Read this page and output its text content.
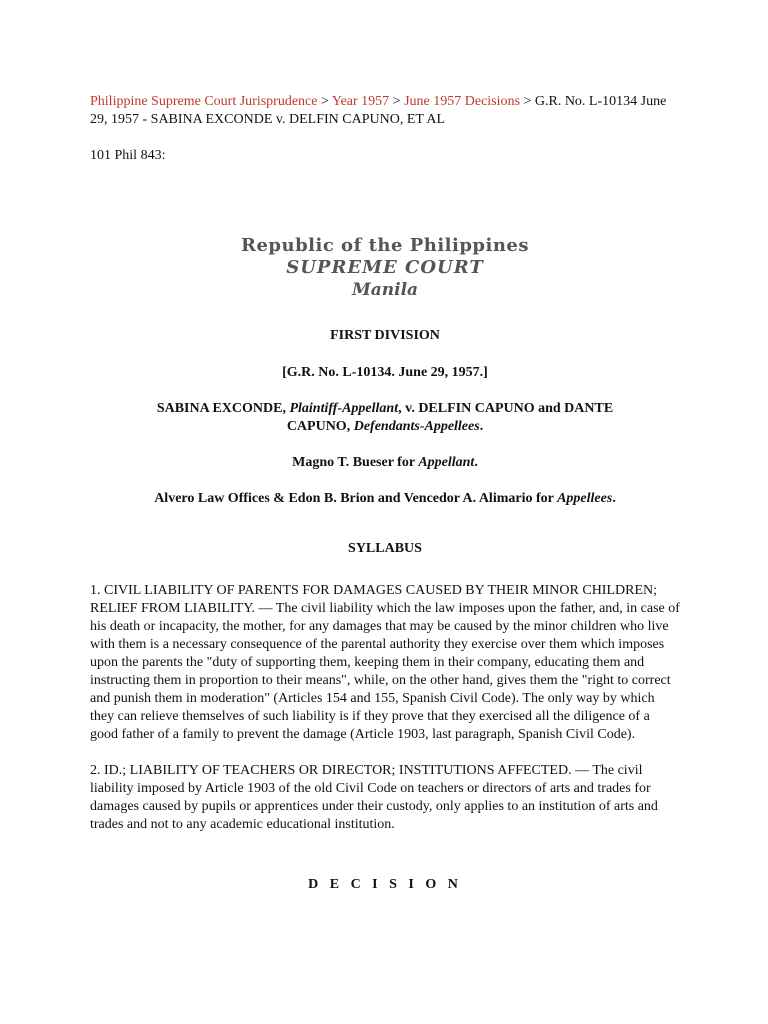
Philippine Supreme Court Jurisprudence > Year 1957 > June 1957 Decisions > G.R. No. L-10134 June 29, 1957 - SABINA EXCONDE v. DELFIN CAPUNO, ET AL
101 Phil 843:
Republic of the Philippines
SUPREME COURT
Manila
FIRST DIVISION
[G.R. No. L-10134. June 29, 1957.]
SABINA EXCONDE, Plaintiff-Appellant, v. DELFIN CAPUNO and DANTE CAPUNO, Defendants-Appellees.
Magno T. Bueser for Appellant.
Alvero Law Offices & Edon B. Brion and Vencedor A. Alimario for Appellees.
SYLLABUS
1. CIVIL LIABILITY OF PARENTS FOR DAMAGES CAUSED BY THEIR MINOR CHILDREN; RELIEF FROM LIABILITY. — The civil liability which the law imposes upon the father, and, in case of his death or incapacity, the mother, for any damages that may be caused by the minor children who live with them is a necessary consequence of the parental authority they exercise over them which imposes upon the parents the "duty of supporting them, keeping them in their company, educating them and instructing them in proportion to their means", while, on the other hand, gives them the "right to correct and punish them in moderation" (Articles 154 and 155, Spanish Civil Code). The only way by which they can relieve themselves of such liability is if they prove that they exercised all the diligence of a good father of a family to prevent the damage (Article 1903, last paragraph, Spanish Civil Code).
2. ID.; LIABILITY OF TEACHERS OR DIRECTOR; INSTITUTIONS AFFECTED. — The civil liability imposed by Article 1903 of the old Civil Code on teachers or directors of arts and trades for damages caused by pupils or apprentices under their custody, only applies to an institution of arts and trades and not to any academic educational institution.
D E C I S I O N
